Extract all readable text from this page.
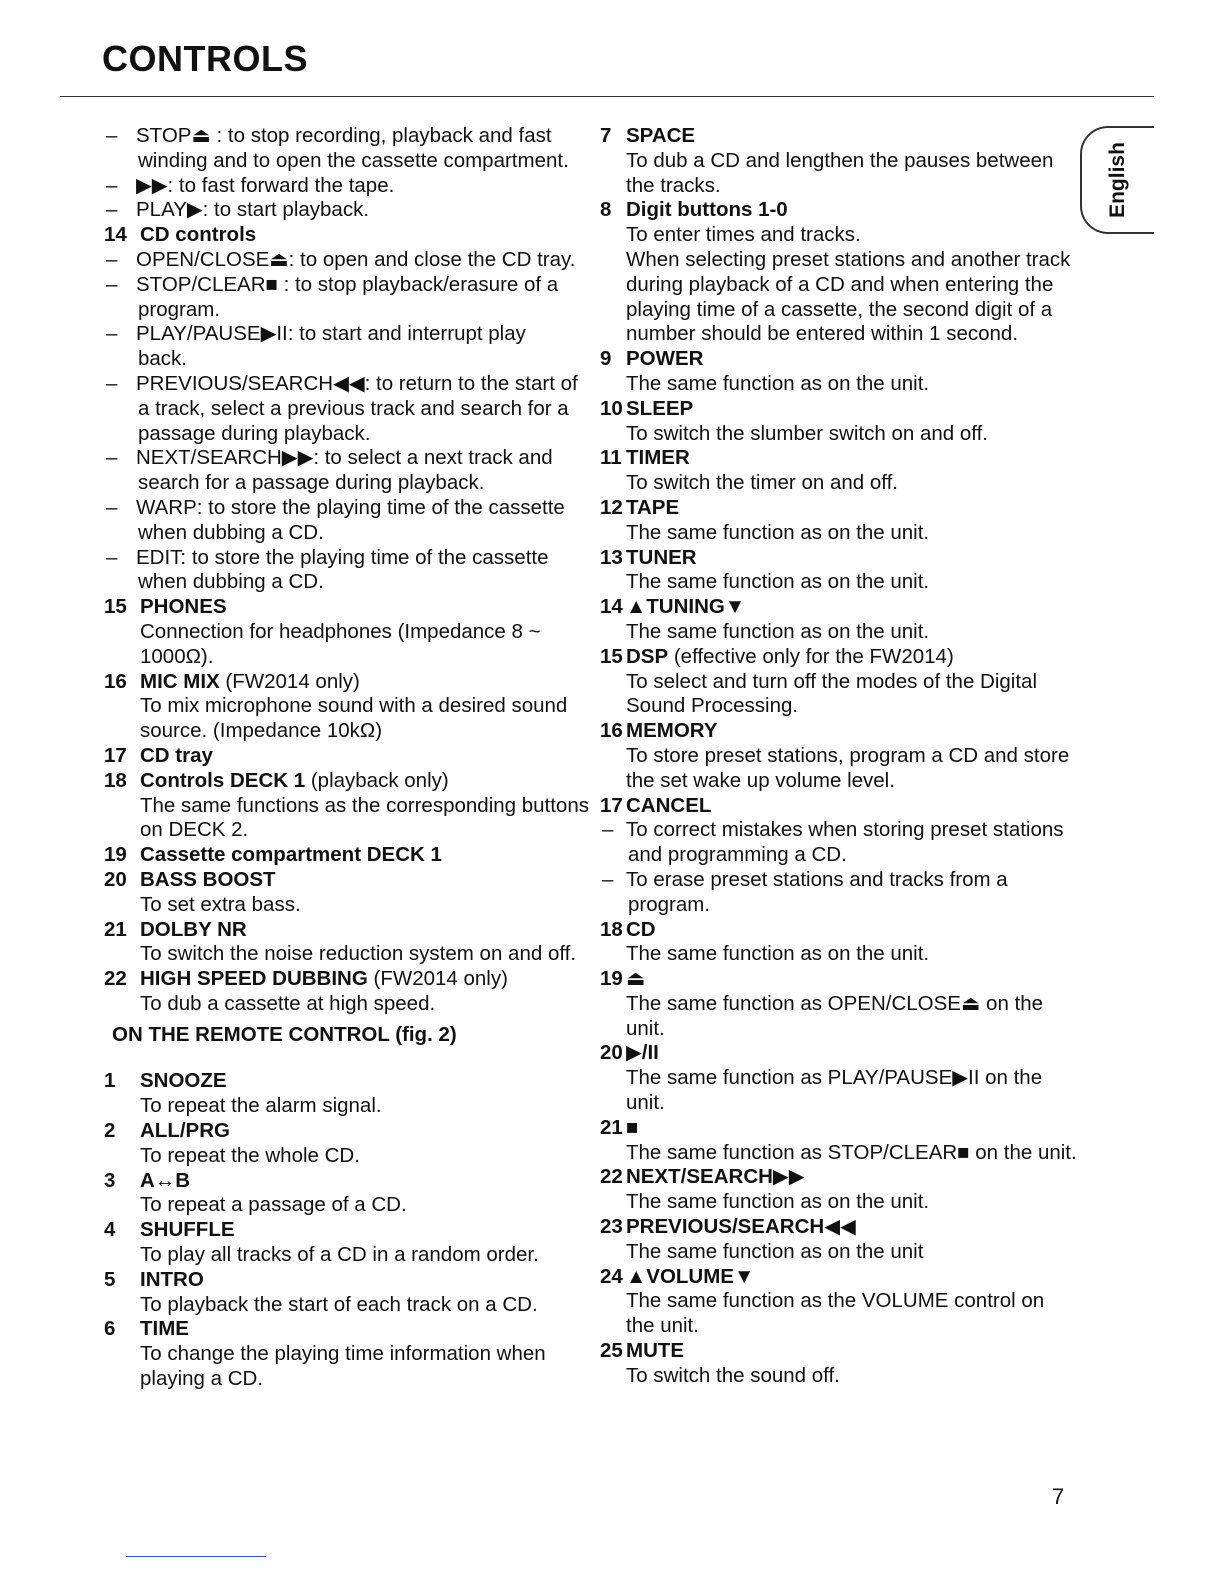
CONTROLS
English
– STOP⏏ : to stop recording, playback and fast
winding and to open the cassette compartment.
– ▶▶: to fast forward the tape.
– PLAY▶: to start playback.
14 CD controls
– OPEN/CLOSE⏏: to open and close the CD tray.
– STOP/CLEAR■ : to stop playback/erasure of a
program.
– PLAY/PAUSE▶II: to start and interrupt play
back.
– PREVIOUS/SEARCH◀◀: to return to the start of
a track, select a previous track and search for a
passage during playback.
– NEXT/SEARCH▶▶: to select a next track and
search for a passage during playback.
– WARP: to store the playing time of the cassette
when dubbing a CD.
– EDIT: to store the playing time of the cassette
when dubbing a CD.
15 PHONES
Connection for headphones (Impedance 8 ~
1000Ω).
16 MIC MIX (FW2014 only)
To mix microphone sound with a desired sound
source. (Impedance 10kΩ)
17 CD tray
18 Controls DECK 1 (playback only)
The same functions as the corresponding buttons
on DECK 2.
19 Cassette compartment DECK 1
20 BASS BOOST
To set extra bass.
21 DOLBY NR
To switch the noise reduction system on and off.
22 HIGH SPEED DUBBING (FW2014 only)
To dub a cassette at high speed.
ON THE REMOTE CONTROL (fig. 2)
1	SNOOZE
To repeat the alarm signal.
2	ALL/PRG
To repeat the whole CD.
3	A↔B
To repeat a passage of a CD.
4	SHUFFLE
To play all tracks of a CD in a random order.
5	INTRO
To playback the start of each track on a CD.
6	TIME
To change the playing time information when
playing a CD.
7 SPACE
To dub a CD and lengthen the pauses between
the tracks.
8 Digit buttons 1-0
To enter times and tracks.
When selecting preset stations and another track
during playback of a CD and when entering the
playing time of a cassette, the second digit of a
number should be entered within 1 second.
9 POWER
The same function as on the unit.
10 SLEEP
To switch the slumber switch on and off.
11 TIMER
To switch the timer on and off.
12 TAPE
The same function as on the unit.
13 TUNER
The same function as on the unit.
14 ▲TUNING▼
The same function as on the unit.
15 DSP (effective only for the FW2014)
To select and turn off the modes of the Digital
Sound Processing.
16 MEMORY
To store preset stations, program a CD and store
the set wake up volume level.
17 CANCEL
– To correct mistakes when storing preset stations
and programming a CD.
– To erase preset stations and tracks from a
program.
18 CD
The same function as on the unit.
19 ⏏
The same function as OPEN/CLOSE⏏ on the
unit.
20 ▶/II
The same function as PLAY/PAUSE▶II on the
unit.
21 ■
The same function as STOP/CLEAR■ on the unit.
22 NEXT/SEARCH▶▶
The same function as on the unit.
23 PREVIOUS/SEARCH◀◀
The same function as on the unit
24 ▲VOLUME▼
The same function as the VOLUME control on
the unit.
25 MUTE
To switch the sound off.
7
